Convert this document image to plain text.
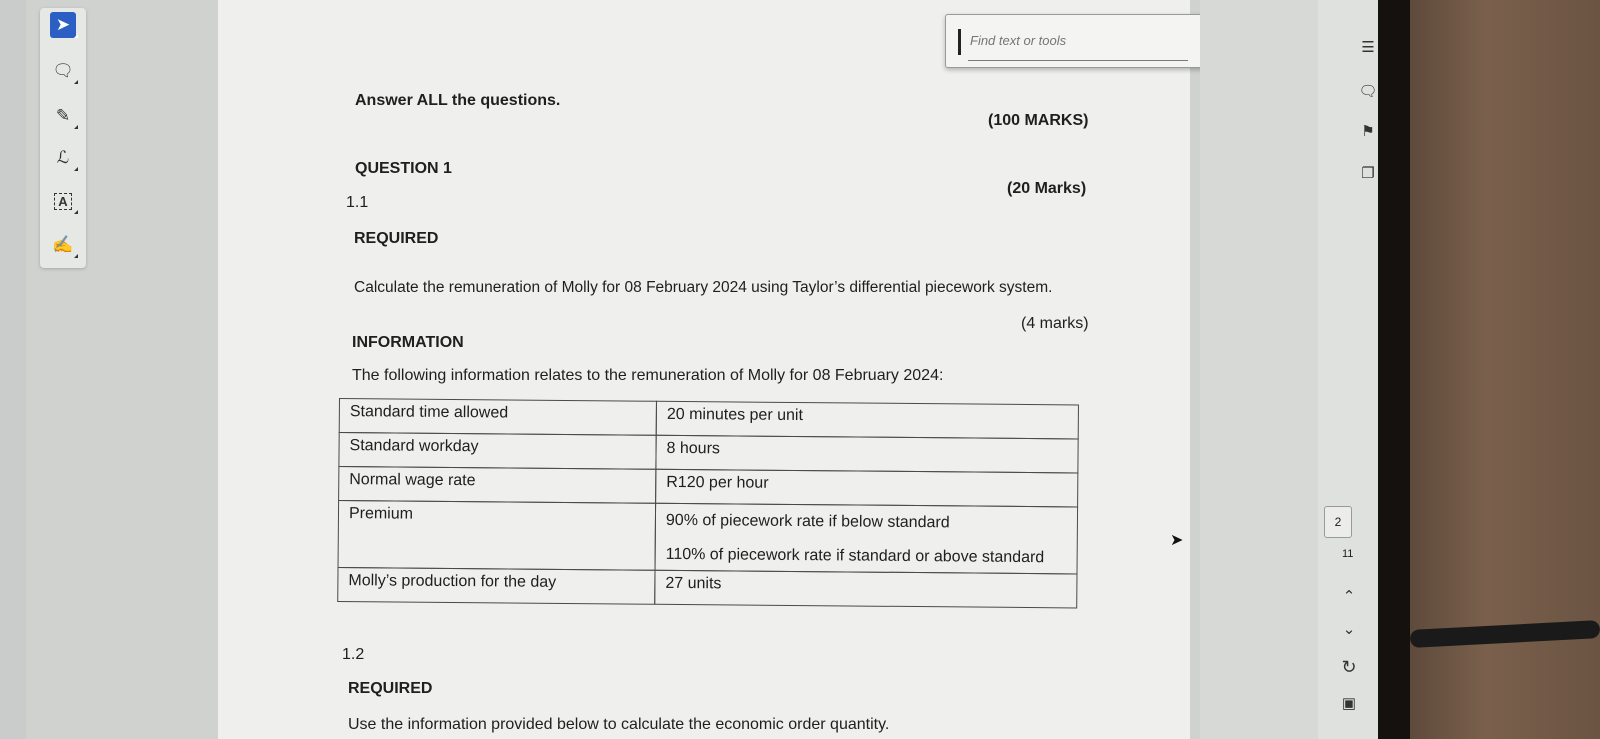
➤
🗨
✎
ℒ
A
✍
Answer ALL the questions.
(100 MARKS)
QUESTION 1
(20 Marks)
1.1
REQUIRED
Calculate the remuneration of Molly for 08 February 2024 using Taylor’s differential piecework system.
(4 marks)
INFORMATION
The following information relates to the remuneration of Molly for 08 February 2024:
Standard time allowed	20 minutes per unit
Standard workday	8 hours
Normal wage rate	R120 per hour
Premium	90% of piecework rate if below standard
110% of piecework rate if standard or above standard
Molly’s production for the day	27 units
1.2
REQUIRED
Use the information provided below to calculate the economic order quantity.
Find text or tools
☰
🗨
⚑
❐
2
11
⌃
⌄
↻
▣
➤
